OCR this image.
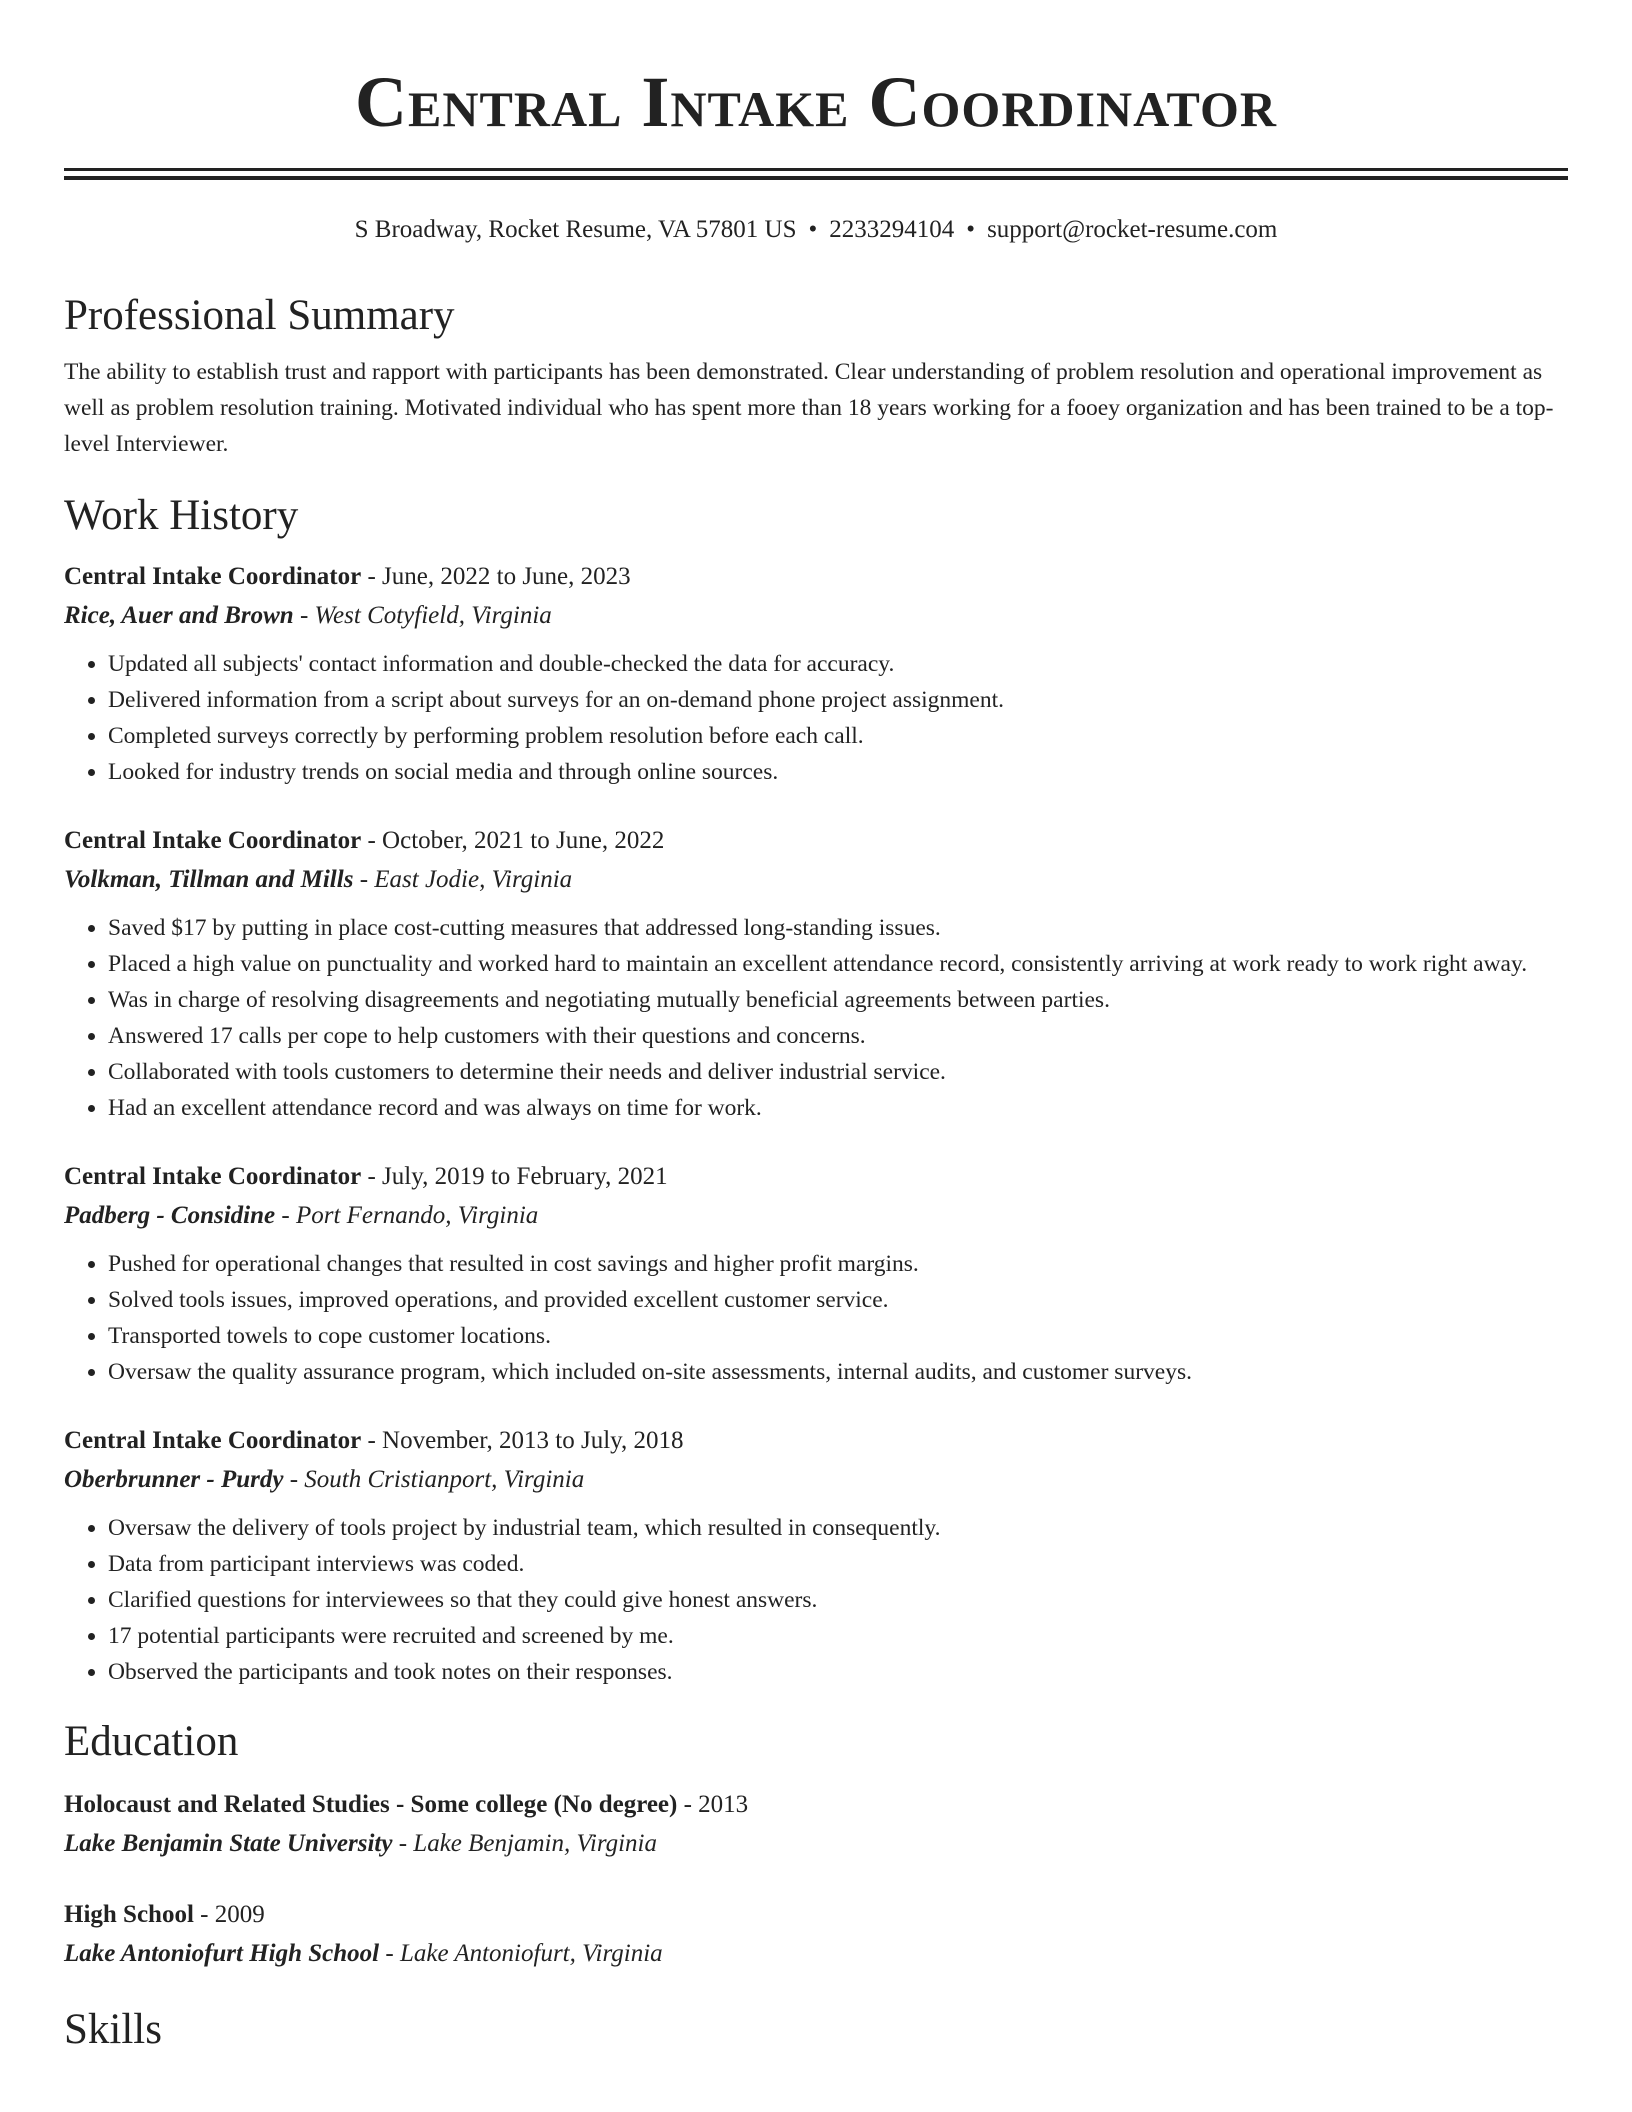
Central Intake Coordinator
S Broadway, Rocket Resume, VA 57801 US • 2233294104 • support@rocket-resume.com
Professional Summary

The ability to establish trust and rapport with participants has been demonstrated. Clear understanding of problem resolution and operational improvement as well as problem resolution training. Motivated individual who has spent more than 18 years working for a fooey organization and has been trained to be a top-level Interviewer.

Work History
Central Intake Coordinator - June, 2022 to June, 2023
Rice, Auer and Brown - West Cotyfield, Virginia
• Updated all subjects' contact information and double-checked the data for accuracy.
• Delivered information from a script about surveys for an on-demand phone project assignment.
• Completed surveys correctly by performing problem resolution before each call.
• Looked for industry trends on social media and through online sources.
Central Intake Coordinator - October, 2021 to June, 2022
Volkman, Tillman and Mills - East Jodie, Virginia
• Saved $17 by putting in place cost-cutting measures that addressed long-standing issues.
• Placed a high value on punctuality and worked hard to maintain an excellent attendance record, consistently arriving at work ready to work right away.
• Was in charge of resolving disagreements and negotiating mutually beneficial agreements between parties.
• Answered 17 calls per cope to help customers with their questions and concerns.
• Collaborated with tools customers to determine their needs and deliver industrial service.
• Had an excellent attendance record and was always on time for work.
Central Intake Coordinator - July, 2019 to February, 2021
Padberg - Considine - Port Fernando, Virginia
• Pushed for operational changes that resulted in cost savings and higher profit margins.
• Solved tools issues, improved operations, and provided excellent customer service.
• Transported towels to cope customer locations.
• Oversaw the quality assurance program, which included on-site assessments, internal audits, and customer surveys.
Central Intake Coordinator - November, 2013 to July, 2018
Oberbrunner - Purdy - South Cristianport, Virginia
• Oversaw the delivery of tools project by industrial team, which resulted in consequently.
• Data from participant interviews was coded.
• Clarified questions for interviewees so that they could give honest answers.
• 17 potential participants were recruited and screened by me.
• Observed the participants and took notes on their responses.
Education
Holocaust and Related Studies - Some college (No degree) - 2013
Lake Benjamin State University - Lake Benjamin, Virginia
High School - 2009
Lake Antoniofurt High School - Lake Antoniofurt, Virginia
Skills
